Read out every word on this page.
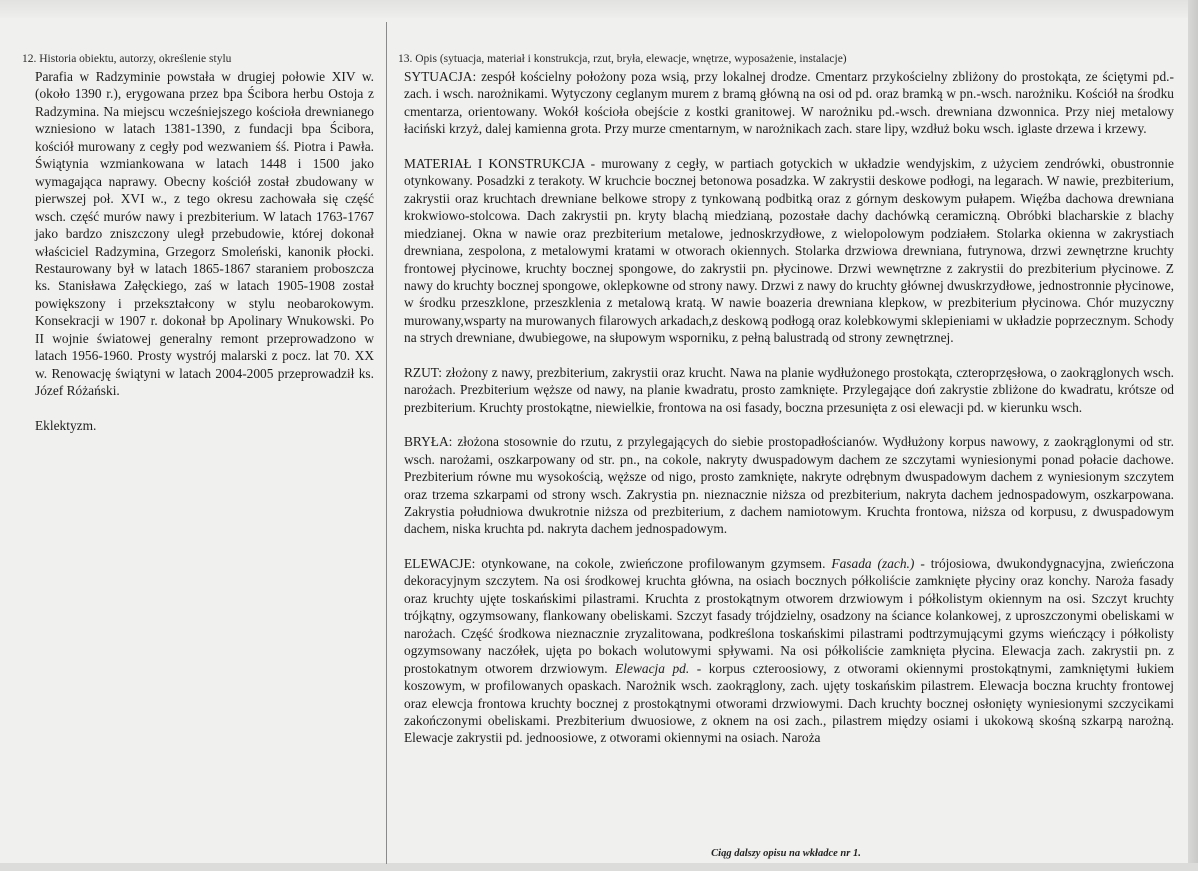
12. Historia obiektu, autorzy, określenie stylu

Parafia w Radzyminie powstała w drugiej połowie XIV w. (około 1390 r.), erygowana przez bpa Ścibora herbu Ostoja z Radzymina. Na miejscu wcześniejszego kościoła drewnianego wzniesiono w latach 1381-1390, z fundacji bpa Ścibora, kościół murowany z cegły pod wezwaniem śś. Piotra i Pawła. Świątynia wzmiankowana w latach 1448 i 1500 jako wymagająca naprawy. Obecny kościół został zbudowany w pierwszej poł. XVI w., z tego okresu zachowała się część wsch. część murów nawy i prezbiterium. W latach 1763-1767 jako bardzo zniszczony uległ przebudowie, której dokonał właściciel Radzymina, Grzegorz Smoleński, kanonik płocki. Restaurowany był w latach 1865-1867 staraniem proboszcza ks. Stanisława Załęckiego, zaś w latach 1905-1908 został powiększony i przekształcony w stylu neobarokowym. Konsekracji w 1907 r. dokonał bp Apolinary Wnukowski. Po II wojnie światowej generalny remont przeprowadzono w latach 1956-1960. Prosty wystrój malarski z pocz. lat 70. XX w. Renowację świątyni w latach 2004-2005 przeprowadził ks. Józef Różański.

Eklektyzm.

13. Opis (sytuacja, materiał i konstrukcja, rzut, bryła, elewacje, wnętrze, wyposażenie, instalacje)

SYTUACJA: zespół kościelny położony poza wsią, przy lokalnej drodze. Cmentarz przykościelny zbliżony do prostokąta, ze ściętymi pd.-zach. i wsch. narożnikami. Wytyczony ceglanym murem z bramą główną na osi od pd. oraz bramką w pn.-wsch. narożniku. Kościół na środku cmentarza, orientowany. Wokół kościoła obejście z kostki granitowej. W narożniku pd.-wsch. drewniana dzwonnica. Przy niej metalowy łaciński krzyż, dalej kamienna grota. Przy murze cmentarnym, w narożnikach zach. stare lipy, wzdłuż boku wsch. iglaste drzewa i krzewy.

MATERIAŁ I KONSTRUKCJA - murowany z cegły, w partiach gotyckich w układzie wendyjskim, z użyciem zendrówki, obustronnie otynkowany. Posadzki z terakoty. W kruchcie bocznej betonowa posadzka. W zakrystii deskowe podłogi, na legarach. W nawie, prezbiterium, zakrystii oraz kruchtach drewniane belkowe stropy z tynkowaną podbitką oraz z górnym deskowym pułapem. Więźba dachowa drewniana krokwiowo-stolcowa. Dach zakrystii pn. kryty blachą miedzianą, pozostałe dachy dachówką ceramiczną. Obróbki blacharskie z blachy miedzianej. Okna w nawie oraz prezbiterium metalowe, jednoskrzydłowe, z wielopolowym podziałem. Stolarka okienna w zakrystiach drewniana, zespolona, z metalowymi kratami w otworach okiennych. Stolarka drzwiowa drewniana, futrynowa, drzwi zewnętrzne kruchty frontowej płycinowe, kruchty bocznej spongowe, do zakrystii pn. płycinowe. Drzwi wewnętrzne z zakrystii do prezbiterium płycinowe. Z nawy do kruchty bocznej spongowe, oklepkowne od strony nawy. Drzwi z nawy do kruchty głównej dwuskrzydłowe, jednostronnie płycinowe, w środku przeszklone, przeszklenia z metalową kratą. W nawie boazeria drewniana klepkow, w prezbiterium płycinowa. Chór muzyczny murowany,wsparty na murowanych filarowych arkadach,z deskową podłogą oraz kolebkowymi sklepieniami w układzie poprzecznym. Schody na strych drewniane, dwubiegowe, na słupowym wsporniku, z pełną balustradą od strony zewnętrznej.

RZUT: złożony z nawy, prezbiterium, zakrystii oraz krucht. Nawa na planie wydłużonego prostokąta, czteroprzęsłowa, o zaokrąglonych wsch. narożach. Prezbiterium węższe od nawy, na planie kwadratu, prosto zamknięte. Przylegające doń zakrystie zbliżone do kwadratu, krótsze od prezbiterium. Kruchty prostokątne, niewielkie, frontowa na osi fasady, boczna przesunięta z osi elewacji pd. w kierunku wsch.

BRYŁA: złożona stosownie do rzutu, z przylegających do siebie prostopadłościanów. Wydłużony korpus nawowy, z zaokrąglonymi od str. wsch. narożami, oszkarpowany od str. pn., na cokole, nakryty dwuspadowym dachem ze szczytami wyniesionymi ponad połacie dachowe. Prezbiterium równe mu wysokością, węższe od nigo, prosto zamknięte, nakryte odrębnym dwuspadowym dachem z wyniesionym szczytem oraz trzema szkarpami od strony wsch. Zakrystia pn. nieznacznie niższa od prezbiterium, nakryta dachem jednospadowym, oszkarpowana. Zakrystia południowa dwukrotnie niższa od prezbiterium, z dachem namiotowym. Kruchta frontowa, niższa od korpusu, z dwuspadowym dachem, niska kruchta pd. nakryta dachem jednospadowym.

ELEWACJE: otynkowane, na cokole, zwieńczone profilowanym gzymsem. Fasada (zach.) - trójosiowa, dwukondygnacyjna, zwieńczona dekoracyjnym szczytem. Na osi środkowej kruchta główna, na osiach bocznych półkoliście zamknięte płyciny oraz konchy. Naroża fasady oraz kruchty ujęte toskańskimi pilastrami. Kruchta z prostokątnym otworem drzwiowym i półkolistym okiennym na osi. Szczyt kruchty trójkątny, ogzymsowany, flankowany obeliskami. Szczyt fasady trójdzielny, osadzony na ściance kolankowej, z uproszczonymi obeliskami w narożach. Część środkowa nieznacznie zryzalitowana, podkreślona toskańskimi pilastrami podtrzymującymi gzyms wieńczący i półkolisty ogzymsowany naczółek, ujęta po bokach wolutowymi spływami. Na osi półkoliście zamknięta płycina. Elewacja zach. zakrystii pn. z prostokatnym otworem drzwiowym. Elewacja pd. - korpus czteroosiowy, z otworami okiennymi prostokątnymi, zamkniętymi łukiem koszowym, w profilowanych opaskach. Narożnik wsch. zaokrąglony, zach. ujęty toskańskim pilastrem. Elewacja boczna kruchty frontowej oraz elewcja frontowa kruchty bocznej z prostokątnymi otworami drzwiowymi. Dach kruchty bocznej osłonięty wyniesionymi szczycikami zakończonymi obeliskami. Prezbiterium dwuosiowe, z oknem na osi zach., pilastrem między osiami i ukokową skośną szkarpą narożną. Elewacje zakrystii pd. jednoosiowe, z otworami okiennymi na osiach. Naroża

Ciąg dalszy opisu na wkładce nr 1.
